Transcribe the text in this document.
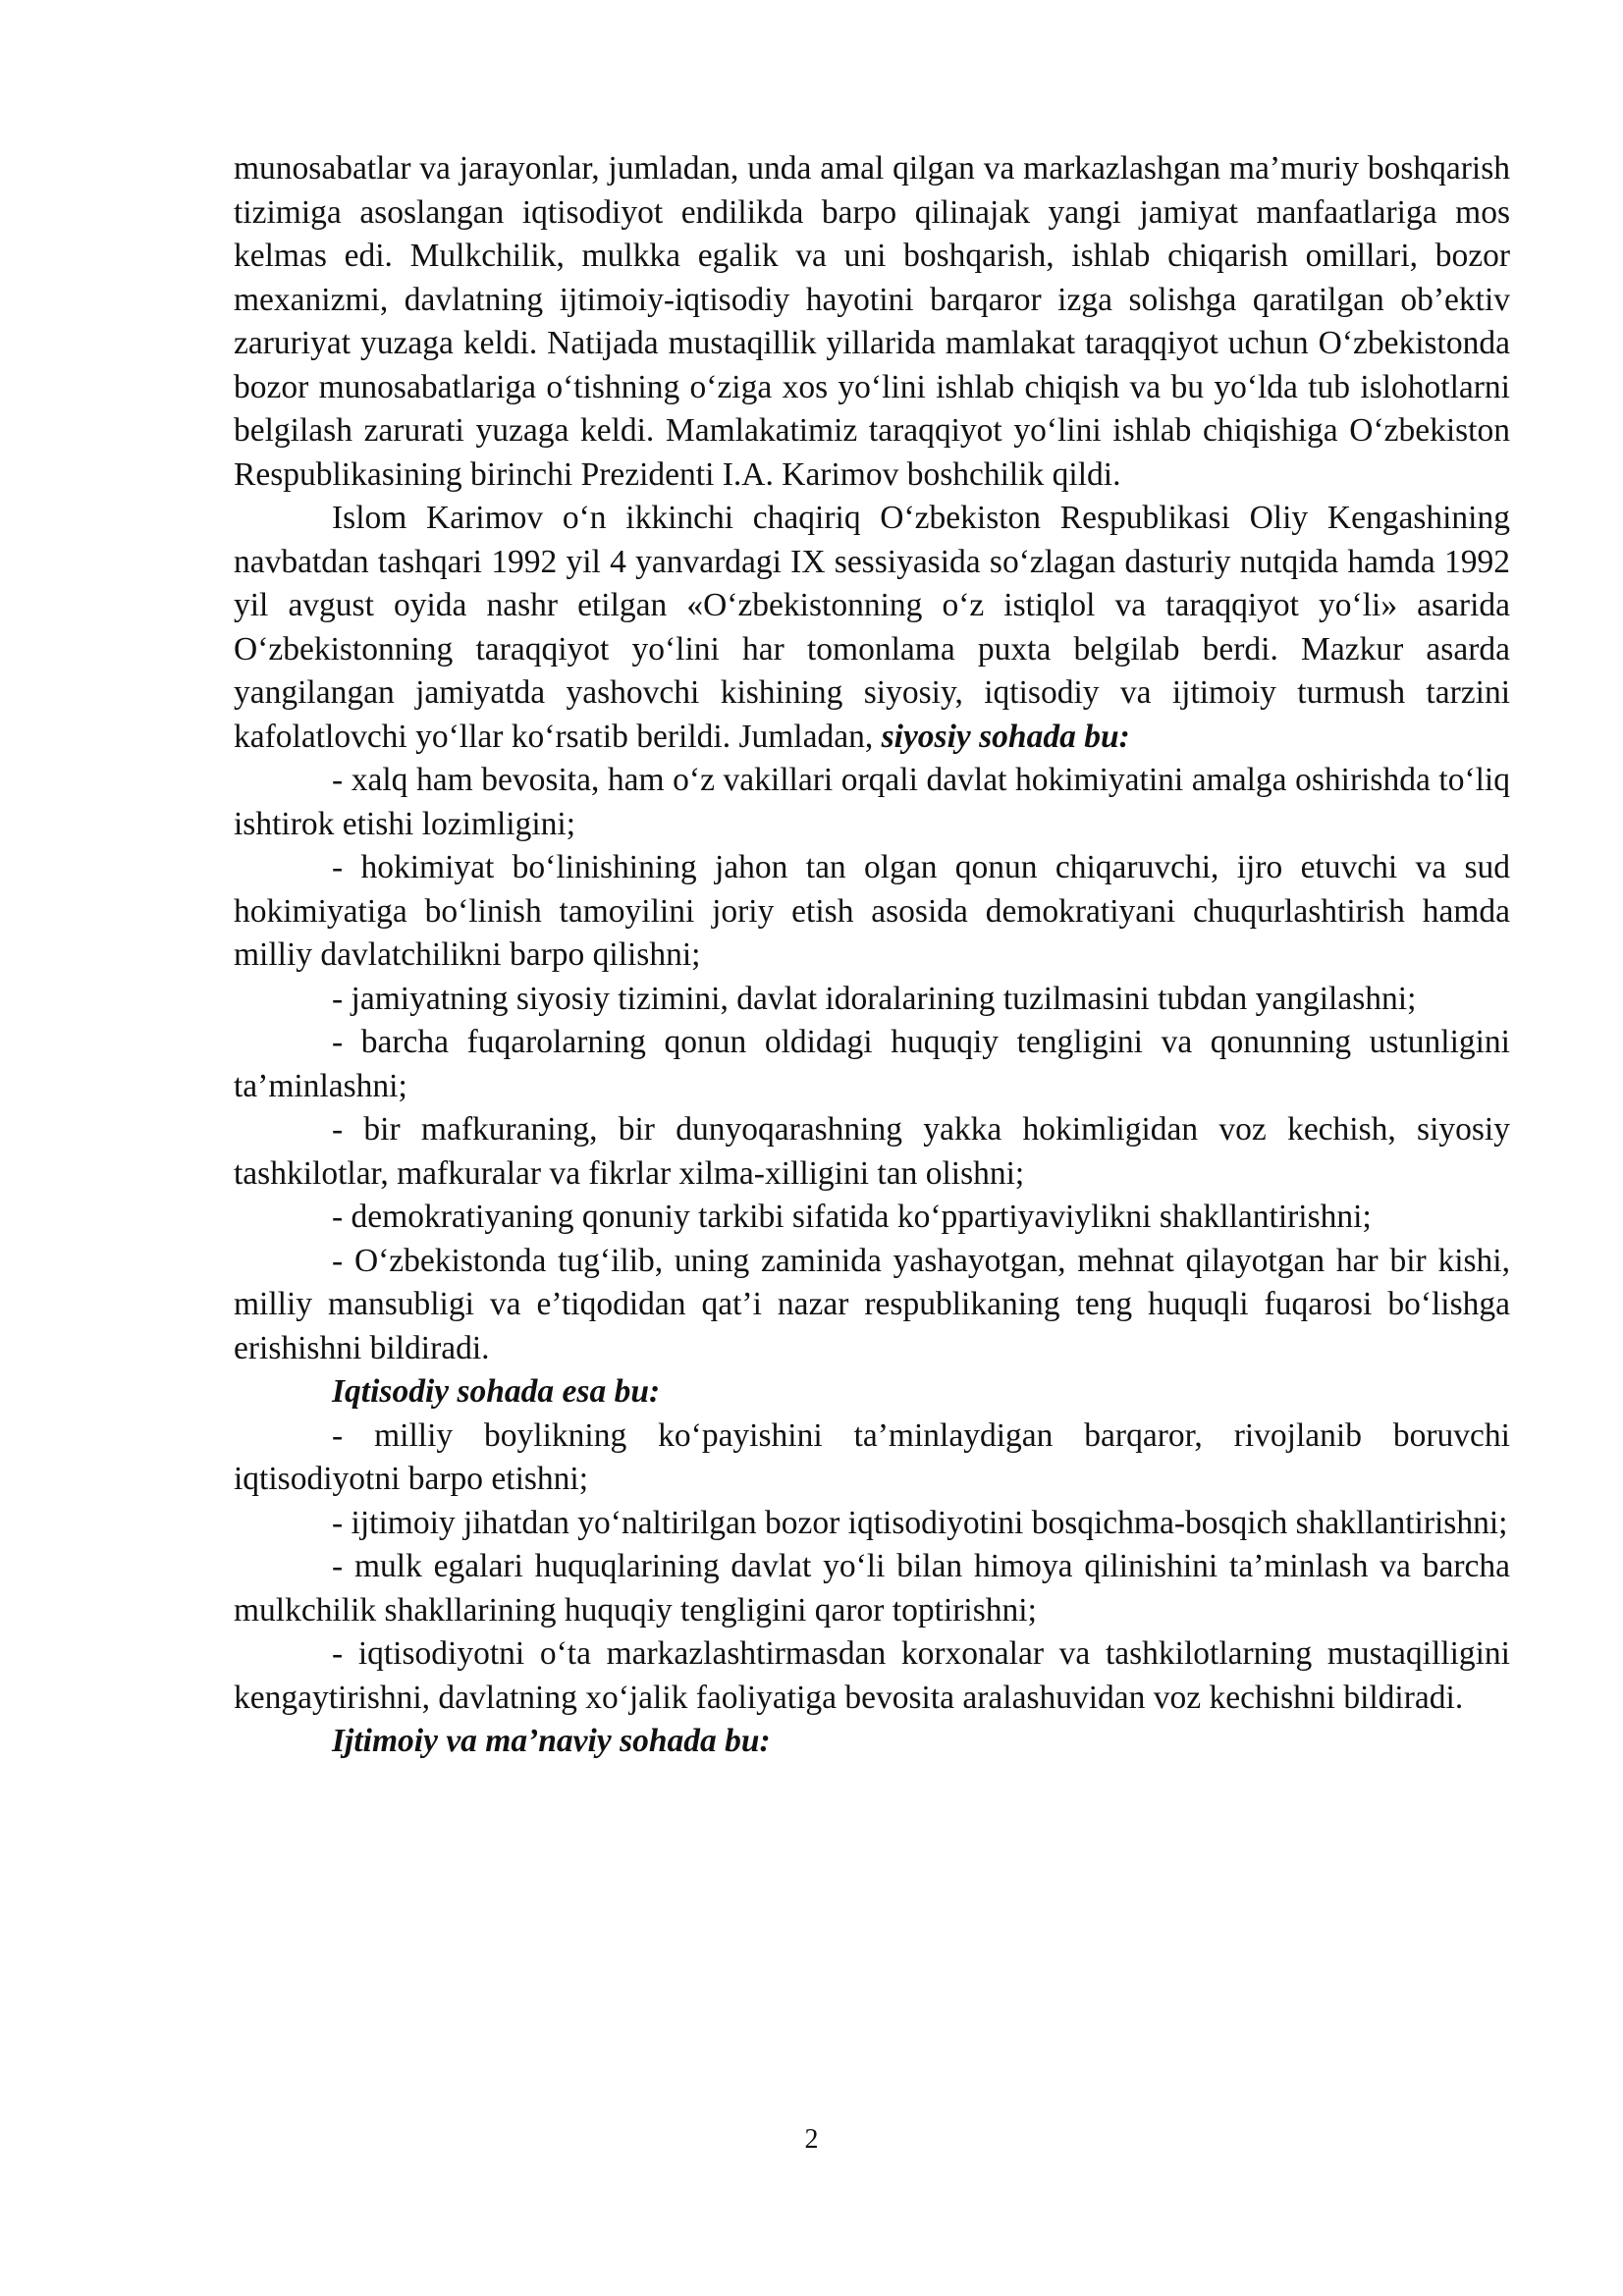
munosabatlar va jarayonlar, jumladan, unda amal qilgan va markazlashgan ma’muriy boshqarish tizimiga asoslangan iqtisodiyot endilikda barpo qilinajak yangi jamiyat manfaatlariga mos kelmas edi. Mulkchilik, mulkka egalik va uni boshqarish, ishlab chiqarish omillari, bozor mexanizmi, davlatning ijtimoiy-iqtisodiy hayotini barqaror izga solishga qaratilgan ob’ektiv zaruriyat yuzaga keldi. Natijada mustaqillik yillarida mamlakat taraqqiyot uchun O‘zbekistonda bozor munosabatlariga o‘tishning o‘ziga xos yo‘lini ishlab chiqish va bu yo‘lda tub islohotlarni belgilash zarurati yuzaga keldi. Mamlakatimiz taraqqiyot yo‘lini ishlab chiqishiga O‘zbekiston Respublikasining birinchi Prezidenti I.A. Karimov boshchilik qildi.

Islom Karimov o‘n ikkinchi chaqiriq O‘zbekiston Respublikasi Oliy Kengashining navbatdan tashqari 1992 yil 4 yanvardagi IX sessiyasida so‘zlagan dasturiy nutqida hamda 1992 yil avgust oyida nashr etilgan «O‘zbekistonning o‘z istiqlol va taraqqiyot yo‘li» asarida O‘zbekistonning taraqqiyot yo‘lini har tomonlama puxta belgilab berdi. Mazkur asarda yangilangan jamiyatda yashovchi kishining siyosiy, iqtisodiy va ijtimoiy turmush tarzini kafolatlovchi yo‘llar ko‘rsatib berildi. Jumladan, siyosiy sohada bu:

- xalq ham bevosita, ham o‘z vakillari orqali davlat hokimiyatini amalga oshirishda to‘liq ishtirok etishi lozimligini;

- hokimiyat bo‘linishining jahon tan olgan qonun chiqaruvchi, ijro etuvchi va sud hokimiyatiga bo‘linish tamoyilini joriy etish asosida demokratiyani chuqurlashtirish hamda milliy davlatchilikni barpo qilishni;

- jamiyatning siyosiy tizimini, davlat idoralarining tuzilmasini tubdan yangilashni;

- barcha fuqarolarning qonun oldidagi huquqiy tengligini va qonunning ustunligini ta’minlashni;

- bir mafkuraning, bir dunyoqarashning yakka hokimligidan voz kechish, siyosiy tashkilotlar, mafkuralar va fikrlar xilma-xilligini tan olishni;

- demokratiyaning qonuniy tarkibi sifatida ko‘ppartiyaviylikni shakllantirishni;

- O‘zbekistonda tug‘ilib, uning zaminida yashayotgan, mehnat qilayotgan har bir kishi, milliy mansubligi va e’tiqodidan qat’i nazar respublikaning teng huquqli fuqarosi bo‘lishga erishishni bildiradi.

Iqtisodiy sohada esa bu:

- milliy boylikning ko‘payishini ta’minlaydigan barqaror, rivojlanib boruvchi iqtisodiyotni barpo etishni;

- ijtimoiy jihatdan yo‘naltirilgan bozor iqtisodiyotini bosqichma-bosqich shakllantirishni;

- mulk egalari huquqlarining davlat yo‘li bilan himoya qilinishini ta’minlash va barcha mulkchilik shakllarining huquqiy tengligini qaror toptirishni;

- iqtisodiyotni o‘ta markazlashtirmasdan korxonalar va tashkilotlarning mustaqilligini kengaytirishni, davlatning xo‘jalik faoliyatiga bevosita aralashuvidan voz kechishni bildiradi.

Ijtimoiy va ma’naviy sohada bu:

2
